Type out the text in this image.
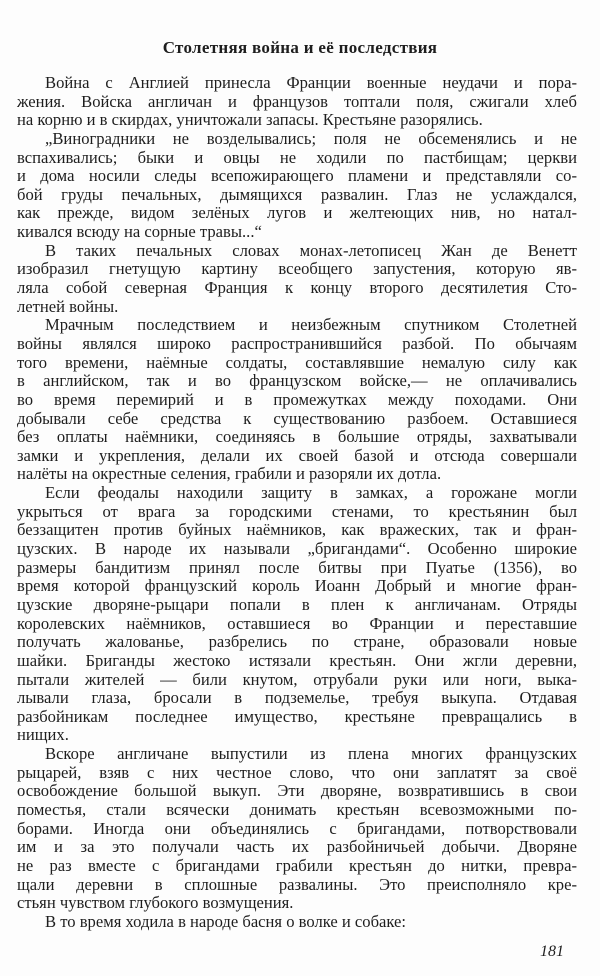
Столетняя война и её последствия
Война с Англией принесла Франции военные неудачи и пора-
жения. Войска англичан и французов топтали поля, сжигали хлеб
на корню и в скирдах, уничтожали запасы. Крестьяне разорялись.
„Виноградники не возделывались; поля не обсеменялись и не
вспахивались; быки и овцы не ходили по пастбищам; церкви
и дома носили следы всепожирающего пламени и представляли со-
бой груды печальных, дымящихся развалин. Глаз не услаждался,
как прежде, видом зелёных лугов и желтеющих нив, но натал-
кивался всюду на сорные травы...“
В таких печальных словах монах-летописец Жан де Венетт
изобразил гнетущую картину всеобщего запустения, которую яв-
ляла собой северная Франция к концу второго десятилетия Сто-
летней войны.
Мрачным последствием и неизбежным спутником Столетней
войны являлся широко распространившийся разбой. По обычаям
того времени, наёмные солдаты, составлявшие немалую силу как
в английском, так и во французском войске,— не оплачивались
во время перемирий и в промежутках между походами. Они
добывали себе средства к существованию разбоем. Оставшиеся
без оплаты наёмники, соединяясь в большие отряды, захватывали
замки и укрепления, делали их своей базой и отсюда совершали
налёты на окрестные селения, грабили и разоряли их дотла.
Если феодалы находили защиту в замках, а горожане могли
укрыться от врага за городскими стенами, то крестьянин был
беззащитен против буйных наёмников, как вражеских, так и фран-
цузских. В народе их называли „бригандами“. Особенно широкие
размеры бандитизм принял после битвы при Пуатье (1356), во
время которой французский король Иоанн Добрый и многие фран-
цузские дворяне-рыцари попали в плен к англичанам. Отряды
королевских наёмников, оставшиеся во Франции и переставшие
получать жалованье, разбрелись по стране, образовали новые
шайки. Бриганды жестоко истязали крестьян. Они жгли деревни,
пытали жителей — били кнутом, отрубали руки или ноги, выка-
лывали глаза, бросали в подземелье, требуя выкупа. Отдавая
разбойникам последнее имущество, крестьяне превращались в
нищих.
Вскоре англичане выпустили из плена многих французских
рыцарей, взяв с них честное слово, что они заплатят за своё
освобождение большой выкуп. Эти дворяне, возвратившись в свои
поместья, стали всячески донимать крестьян всевозможными по-
борами. Иногда они объединялись с бригандами, потворствовали
им и за это получали часть их разбойничьей добычи. Дворяне
не раз вместе с бригандами грабили крестьян до нитки, превра-
щали деревни в сплошные развалины. Это преисполняло кре-
стьян чувством глубокого возмущения.
В то время ходила в народе басня о волке и собаке:
181
